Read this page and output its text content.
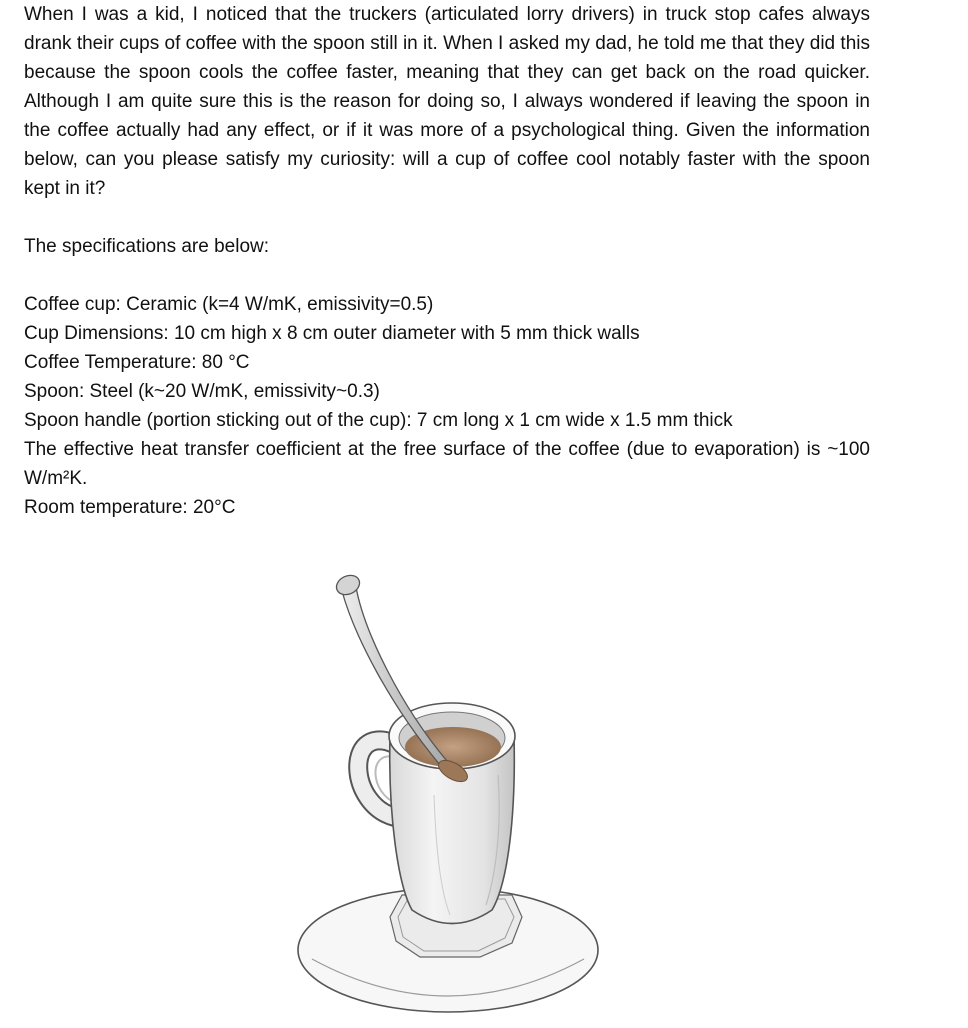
When I was a kid, I noticed that the truckers (articulated lorry drivers) in truck stop cafes always drank their cups of coffee with the spoon still in it. When I asked my dad, he told me that they did this because the spoon cools the coffee faster, meaning that they can get back on the road quicker. Although I am quite sure this is the reason for doing so, I always wondered if leaving the spoon in the coffee actually had any effect, or if it was more of a psychological thing. Given the information below, can you please satisfy my curiosity: will a cup of coffee cool notably faster with the spoon kept in it?

The specifications are below:

Coffee cup: Ceramic (k=4 W/mK, emissivity=0.5)
Cup Dimensions: 10 cm high x 8 cm outer diameter with 5 mm thick walls
Coffee Temperature: 80 °C
Spoon: Steel (k~20 W/mK, emissivity~0.3)
Spoon handle (portion sticking out of the cup): 7 cm long x 1 cm wide x 1.5 mm thick
The effective heat transfer coefficient at the free surface of the coffee (due to evaporation) is ~100 W/m²K.
Room temperature: 20°C
